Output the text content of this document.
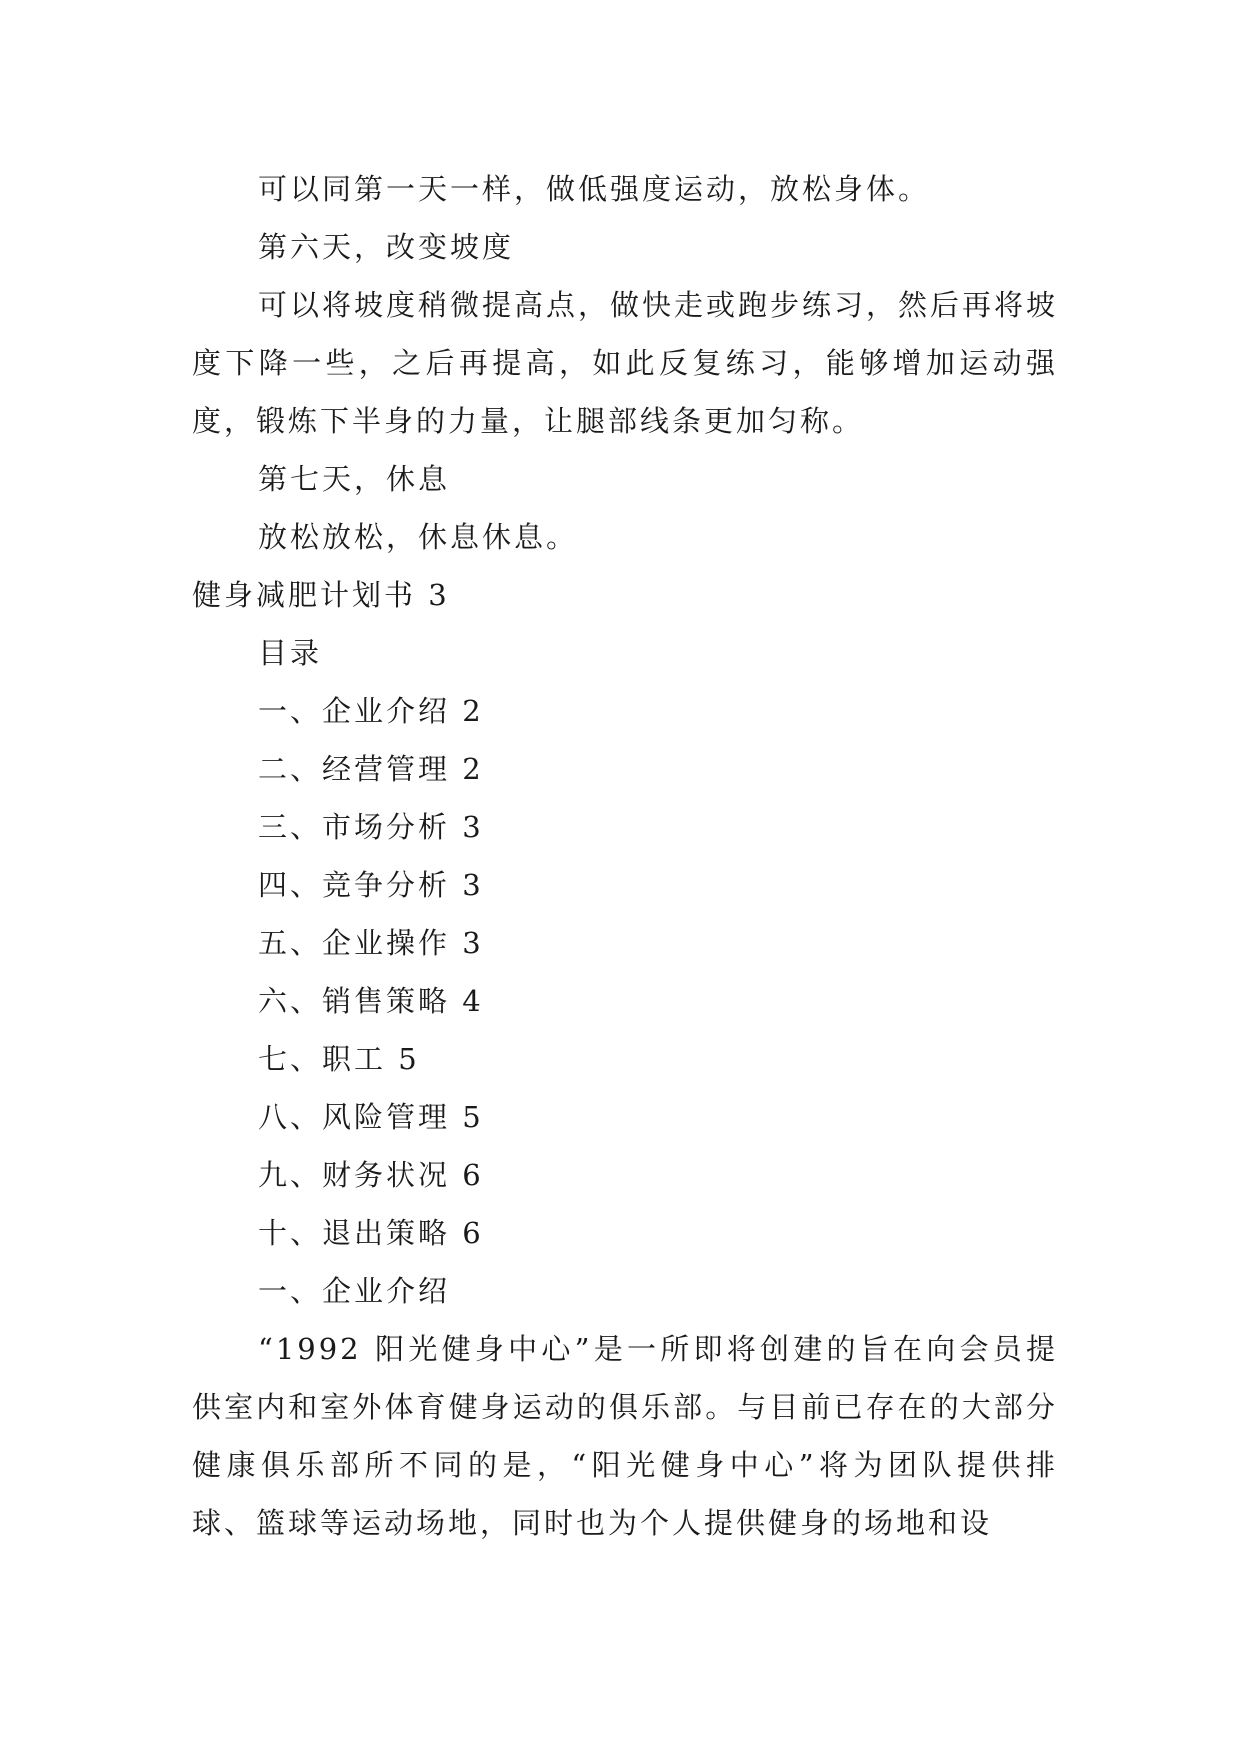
可以同第一天一样，做低强度运动，放松身体。

第六天，改变坡度

可以将坡度稍微提高点，做快走或跑步练习，然后再将坡度下降一些，之后再提高，如此反复练习，能够增加运动强度，锻炼下半身的力量，让腿部线条更加匀称。

第七天，休息

放松放松，休息休息。

健身减肥计划书 3

目录

一、企业介绍 2

二、经营管理 2

三、市场分析 3

四、竞争分析 3

五、企业操作 3

六、销售策略 4

七、职工 5

八、风险管理 5

九、财务状况 6

十、退出策略 6

一、企业介绍

“1992 阳光健身中心”是一所即将创建的旨在向会员提供室内和室外体育健身运动的俱乐部。与目前已存在的大部分健康俱乐部所不同的是，“阳光健身中心”将为团队提供排球、篮球等运动场地，同时也为个人提供健身的场地和设
